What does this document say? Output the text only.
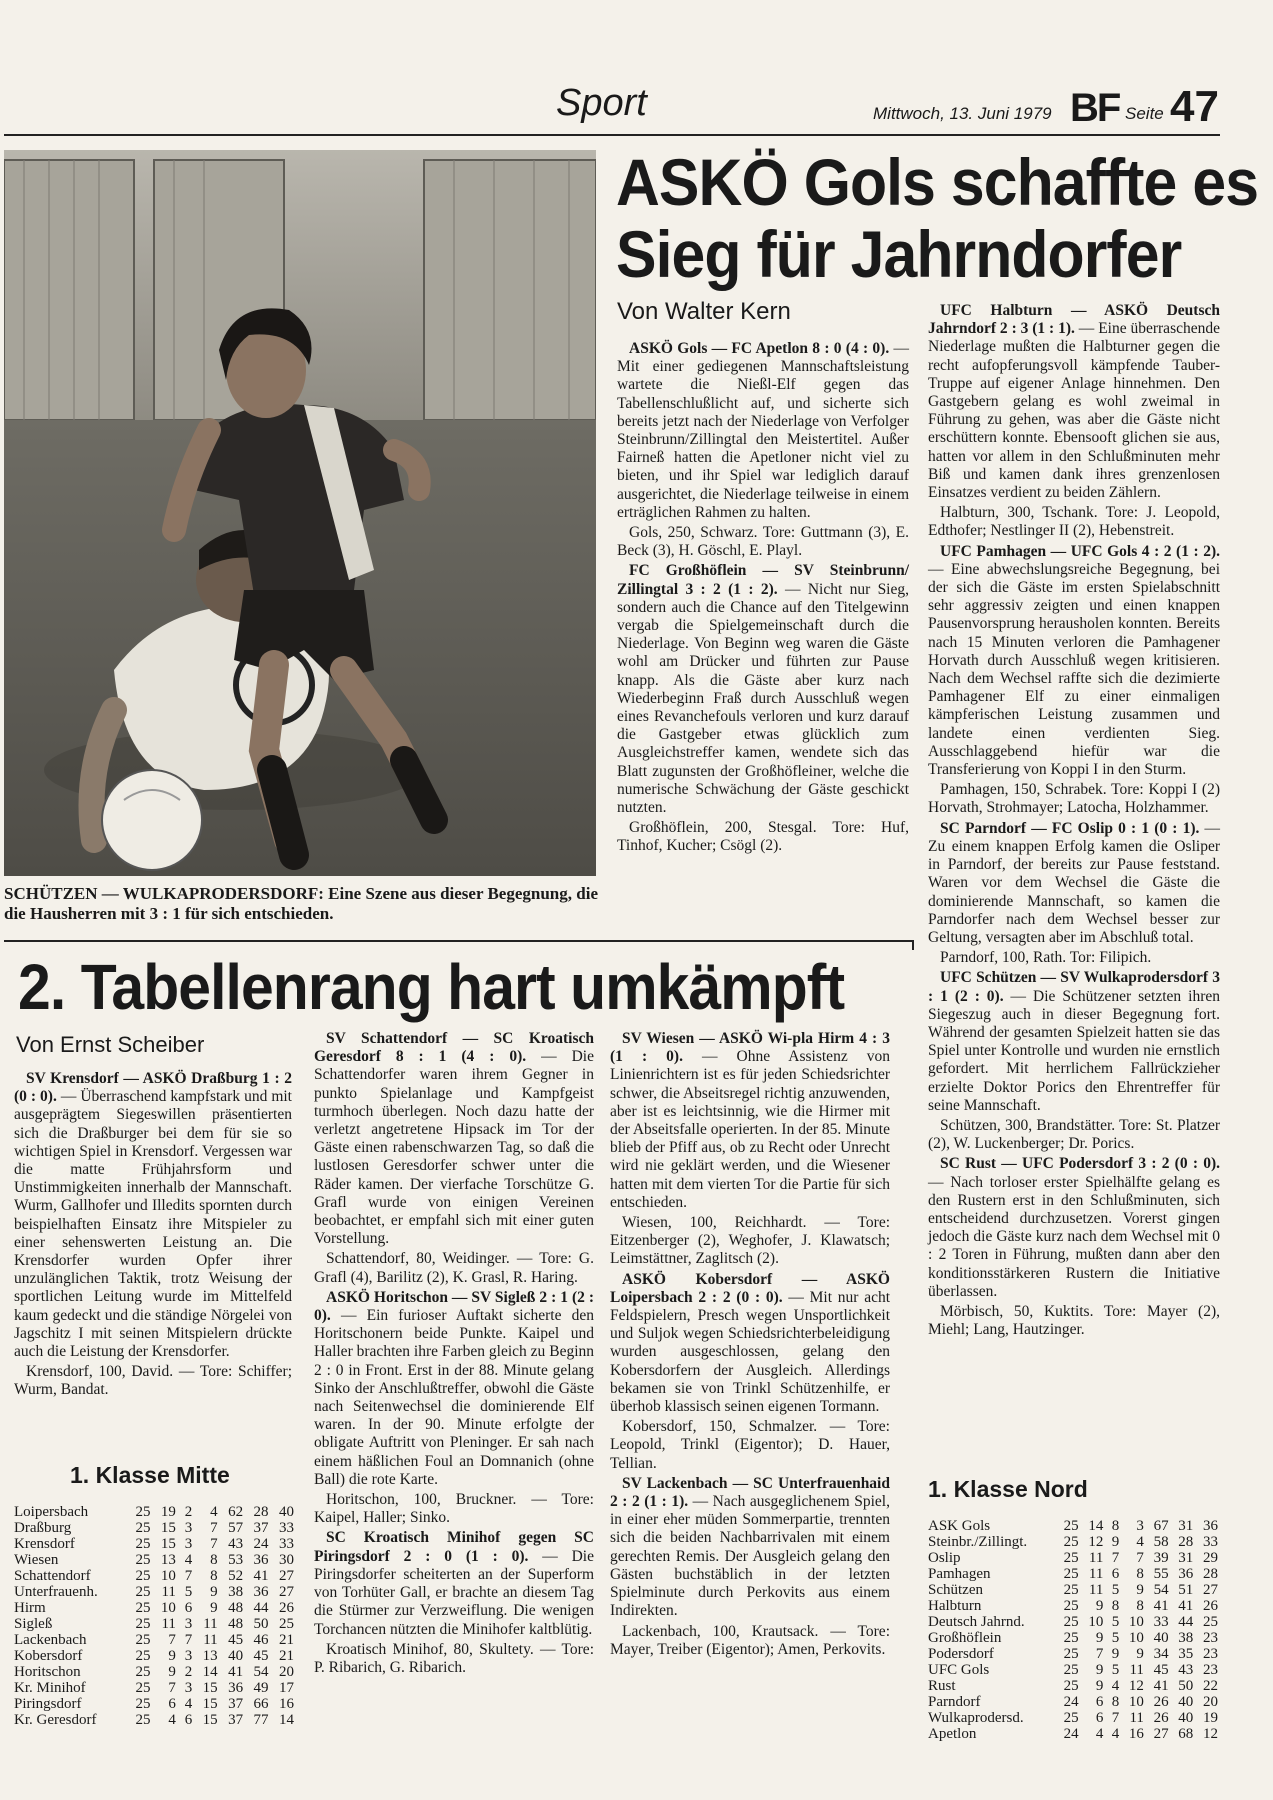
Sport	Mittwoch, 13. Juni 1979 BF Seite 47
SCHÜTZEN — WULKAPRODERSDORF: Eine Szene aus dieser Begegnung, die die Hausherren mit 3 : 1 für sich entschieden.
ASKÖ Gols schaffte es
Sieg für Jahrndorfer
Von Walter Kern

ASKÖ Gols — FC Apetlon 8 : 0 (4 : 0). — Mit einer gediegenen Mannschaftsleistung wartete die Nießl-Elf gegen das Tabellenschlußlicht auf, und sicherte sich bereits jetzt nach der Niederlage von Verfolger Steinbrunn/Zillingtal den Meistertitel. Außer Fairneß hatten die Apetloner nicht viel zu bieten, und ihr Spiel war lediglich darauf ausgerichtet, die Niederlage teilweise in einem erträglichen Rahmen zu halten.

Gols, 250, Schwarz. Tore: Guttmann (3), E. Beck (3), H. Göschl, E. Playl.

FC Großhöflein — SV Steinbrunn/ Zillingtal 3 : 2 (1 : 2). — Nicht nur Sieg, sondern auch die Chance auf den Titelgewinn vergab die Spielgemeinschaft durch die Niederlage. Von Beginn weg waren die Gäste wohl am Drücker und führten zur Pause knapp. Als die Gäste aber kurz nach Wiederbeginn Fraß durch Ausschluß wegen eines Revanchefouls verloren und kurz darauf die Gastgeber etwas glücklich zum Ausgleichstreffer kamen, wendete sich das Blatt zugunsten der Großhöfleiner, welche die numerische Schwächung der Gäste geschickt nutzten.

Großhöflein, 200, Stesgal. Tore: Huf, Tinhof, Kucher; Csögl (2).

UFC Halbturn — ASKÖ Deutsch Jahrndorf 2 : 3 (1 : 1). — Eine überraschende Niederlage mußten die Halbturner gegen die recht aufopferungsvoll kämpfende Tauber-Truppe auf eigener Anlage hinnehmen. Den Gastgebern gelang es wohl zweimal in Führung zu gehen, was aber die Gäste nicht erschüttern konnte. Ebensooft glichen sie aus, hatten vor allem in den Schlußminuten mehr Biß und kamen dank ihres grenzenlosen Einsatzes verdient zu beiden Zählern.

Halbturn, 300, Tschank. Tore: J. Leopold, Edthofer; Nestlinger II (2), Hebenstreit.

UFC Pamhagen — UFC Gols 4 : 2 (1 : 2). — Eine abwechslungsreiche Begegnung, bei der sich die Gäste im ersten Spielabschnitt sehr aggressiv zeigten und einen knappen Pausenvorsprung herausholen konnten. Bereits nach 15 Minuten verloren die Pamhagener Horvath durch Ausschluß wegen kritisieren. Nach dem Wechsel raffte sich die dezimierte Pamhagener Elf zu einer einmaligen kämpferischen Leistung zusammen und landete einen verdienten Sieg. Ausschlaggebend hiefür war die Transferierung von Koppi I in den Sturm.

Pamhagen, 150, Schrabek. Tore: Koppi I (2) Horvath, Strohmayer; Latocha, Holzhammer.

SC Parndorf — FC Oslip 0 : 1 (0 : 1). — Zu einem knappen Erfolg kamen die Osliper in Parndorf, der bereits zur Pause feststand. Waren vor dem Wechsel die Gäste die dominierende Mannschaft, so kamen die Parndorfer nach dem Wechsel besser zur Geltung, versagten aber im Abschluß total.

Parndorf, 100, Rath. Tor: Filipich.

UFC Schützen — SV Wulkaprodersdorf 3 : 1 (2 : 0). — Die Schützener setzten ihren Siegeszug auch in dieser Begegnung fort. Während der gesamten Spielzeit hatten sie das Spiel unter Kontrolle und wurden nie ernstlich gefordert. Mit herrlichem Fallrückzieher erzielte Doktor Porics den Ehrentreffer für seine Mannschaft.

Schützen, 300, Brandstätter. Tore: St. Platzer (2), W. Luckenberger; Dr. Porics.

SC Rust — UFC Podersdorf 3 : 2 (0 : 0). — Nach torloser erster Spielhälfte gelang es den Rustern erst in den Schlußminuten, sich entscheidend durchzusetzen. Vorerst gingen jedoch die Gäste kurz nach dem Wechsel mit 0 : 2 Toren in Führung, mußten dann aber den konditionsstärkeren Rustern die Initiative überlassen.

Mörbisch, 50, Kuktits. Tore: Mayer (2), Miehl; Lang, Hautzinger.

2. Tabellenrang hart umkämpft
Von Ernst Scheiber

SV Krensdorf — ASKÖ Draßburg 1 : 2 (0 : 0). — Überraschend kampfstark und mit ausgeprägtem Siegeswillen präsentierten sich die Draßburger bei dem für sie so wichtigen Spiel in Krensdorf. Vergessen war die matte Frühjahrsform und Unstimmigkeiten innerhalb der Mannschaft. Wurm, Gallhofer und Illedits spornten durch beispielhaften Einsatz ihre Mitspieler zu einer sehenswerten Leistung an. Die Krensdorfer wurden Opfer ihrer unzulänglichen Taktik, trotz Weisung der sportlichen Leitung wurde im Mittelfeld kaum gedeckt und die ständige Nörgelei von Jagschitz I mit seinen Mitspielern drückte auch die Leistung der Krensdorfer.

Krensdorf, 100, David. — Tore: Schiffer; Wurm, Bandat.

SV Schattendorf — SC Kroatisch Geresdorf 8 : 1 (4 : 0). — Die Schattendorfer waren ihrem Gegner in punkto Spielanlage und Kampfgeist turmhoch überlegen. Noch dazu hatte der verletzt angetretene Hipsack im Tor der Gäste einen rabenschwarzen Tag, so daß die lustlosen Geresdorfer schwer unter die Räder kamen. Der vierfache Torschütze G. Grafl wurde von einigen Vereinen beobachtet, er empfahl sich mit einer guten Vorstellung.

Schattendorf, 80, Weidinger. — Tore: G. Grafl (4), Barilitz (2), K. Grasl, R. Haring.

ASKÖ Horitschon — SV Sigleß 2 : 1 (2 : 0). — Ein furioser Auftakt sicherte den Horitschonern beide Punkte. Kaipel und Haller brachten ihre Farben gleich zu Beginn 2 : 0 in Front. Erst in der 88. Minute gelang Sinko der Anschlußtreffer, obwohl die Gäste nach Seitenwechsel die dominierende Elf waren. In der 90. Minute erfolgte der obligate Auftritt von Pleninger. Er sah nach einem häßlichen Foul an Domnanich (ohne Ball) die rote Karte.

Horitschon, 100, Bruckner. — Tore: Kaipel, Haller; Sinko.

SC Kroatisch Minihof gegen SC Piringsdorf 2 : 0 (1 : 0). — Die Piringsdorfer scheiterten an der Superform von Torhüter Gall, er brachte an diesem Tag die Stürmer zur Verzweiflung. Die wenigen Torchancen nützten die Minihofer kaltblütig.

Kroatisch Minihof, 80, Skultety. — Tore: P. Ribarich, G. Ribarich.

SV Wiesen — ASKÖ Wi-pla Hirm 4 : 3 (1 : 0). — Ohne Assistenz von Linienrichtern ist es für jeden Schiedsrichter schwer, die Abseitsregel richtig anzuwenden, aber ist es leichtsinnig, wie die Hirmer mit der Abseitsfalle operierten. In der 85. Minute blieb der Pfiff aus, ob zu Recht oder Unrecht wird nie geklärt werden, und die Wiesener hatten mit dem vierten Tor die Partie für sich entschieden.

Wiesen, 100, Reichhardt. — Tore: Eitzenberger (2), Weghofer, J. Klawatsch; Leimstättner, Zaglitsch (2).

ASKÖ Kobersdorf — ASKÖ Loipersbach 2 : 2 (0 : 0). — Mit nur acht Feldspielern, Presch wegen Unsportlichkeit und Suljok wegen Schiedsrichterbeleidigung wurden ausgeschlossen, gelang den Kobersdorfern der Ausgleich. Allerdings bekamen sie von Trinkl Schützenhilfe, er überhob klassisch seinen eigenen Tormann.

Kobersdorf, 150, Schmalzer. — Tore: Leopold, Trinkl (Eigentor); D. Hauer, Tellian.

SV Lackenbach — SC Unterfrauenhaid 2 : 2 (1 : 1). — Nach ausgeglichenem Spiel, in einer eher müden Sommerpartie, trennten sich die beiden Nachbarrivalen mit einem gerechten Remis. Der Ausgleich gelang den Gästen buchstäblich in der letzten Spielminute durch Perkovits aus einem Indirekten.

Lackenbach, 100, Krautsack. — Tore: Mayer, Treiber (Eigentor); Amen, Perkovits.

1. Klasse Mitte
Loipersbach	25	19	2	4	62	28	40
Draßburg	25	15	3	7	57	37	33
Krensdorf	25	15	3	7	43	24	33
Wiesen	25	13	4	8	53	36	30
Schattendorf	25	10	7	8	52	41	27
Unterfrauenh.	25	11	5	9	38	36	27
Hirm	25	10	6	9	48	44	26
Sigleß	25	11	3	11	48	50	25
Lackenbach	25	7	7	11	45	46	21
Kobersdorf	25	9	3	13	40	45	21
Horitschon	25	9	2	14	41	54	20
Kr. Minihof	25	7	3	15	36	49	17
Piringsdorf	25	6	4	15	37	66	16
Kr. Geresdorf	25	4	6	15	37	77	14
1. Klasse Nord
ASK Gols	25	14	8	3	67	31	36
Steinbr./Zillingt.	25	12	9	4	58	28	33
Oslip	25	11	7	7	39	31	29
Pamhagen	25	11	6	8	55	36	28
Schützen	25	11	5	9	54	51	27
Halbturn	25	9	8	8	41	41	26
Deutsch Jahrnd.	25	10	5	10	33	44	25
Großhöflein	25	9	5	10	40	38	23
Podersdorf	25	7	9	9	34	35	23
UFC Gols	25	9	5	11	45	43	23
Rust	25	9	4	12	41	50	22
Parndorf	24	6	8	10	26	40	20
Wulkaprodersd.	25	6	7	11	26	40	19
Apetlon	24	4	4	16	27	68	12
